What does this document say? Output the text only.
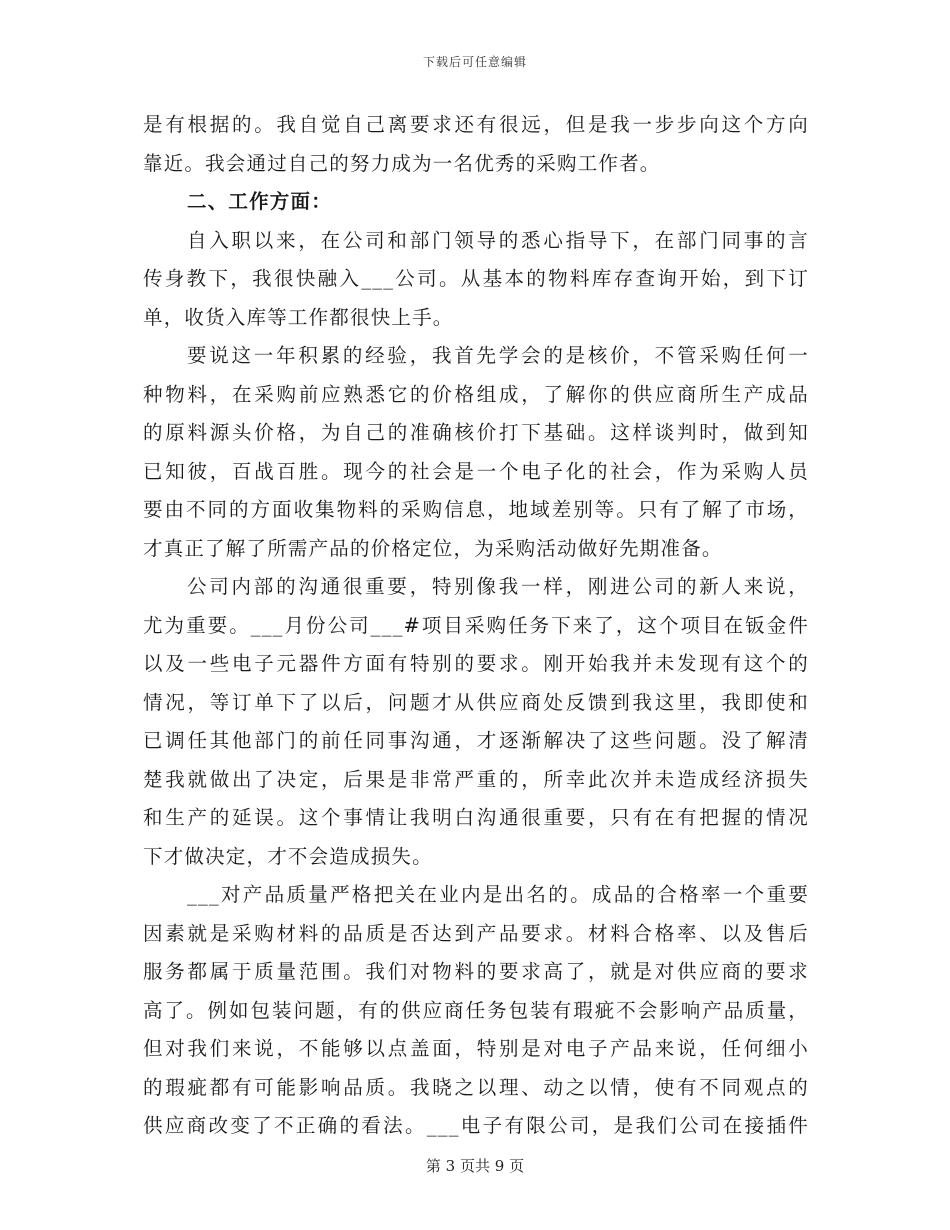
下载后可任意编辑
是有根据的。我自觉自己离要求还有很远，但是我一步步向这个方向
靠近。我会通过自己的努力成为一名优秀的采购工作者。
二、工作方面：
自入职以来，在公司和部门领导的悉心指导下，在部门同事的言
传身教下，我很快融入___公司。从基本的物料库存查询开始，到下订
单，收货入库等工作都很快上手。
要说这一年积累的经验，我首先学会的是核价，不管采购任何一
种物料，在采购前应熟悉它的价格组成，了解你的供应商所生产成品
的原料源头价格，为自己的准确核价打下基础。这样谈判时，做到知
已知彼，百战百胜。现今的社会是一个电子化的社会，作为采购人员
要由不同的方面收集物料的采购信息，地域差别等。只有了解了市场，
才真正了解了所需产品的价格定位，为采购活动做好先期准备。
公司内部的沟通很重要，特别像我一样，刚进公司的新人来说，
尤为重要。___月份公司___#项目采购任务下来了，这个项目在钣金件
以及一些电子元器件方面有特别的要求。刚开始我并未发现有这个的
情况，等订单下了以后，问题才从供应商处反馈到我这里，我即使和
已调任其他部门的前任同事沟通，才逐渐解决了这些问题。没了解清
楚我就做出了决定，后果是非常严重的，所幸此次并未造成经济损失
和生产的延误。这个事情让我明白沟通很重要，只有在有把握的情况
下才做决定，才不会造成损失。
___对产品质量严格把关在业内是出名的。成品的合格率一个重要
因素就是采购材料的品质是否达到产品要求。材料合格率、以及售后
服务都属于质量范围。我们对物料的要求高了，就是对供应商的要求
高了。例如包装问题，有的供应商任务包装有瑕疵不会影响产品质量，
但对我们来说，不能够以点盖面，特别是对电子产品来说，任何细小
的瑕疵都有可能影响品质。我晓之以理、动之以情，使有不同观点的
供应商改变了不正确的看法。___电子有限公司，是我们公司在接插件
第 3 页共 9 页
